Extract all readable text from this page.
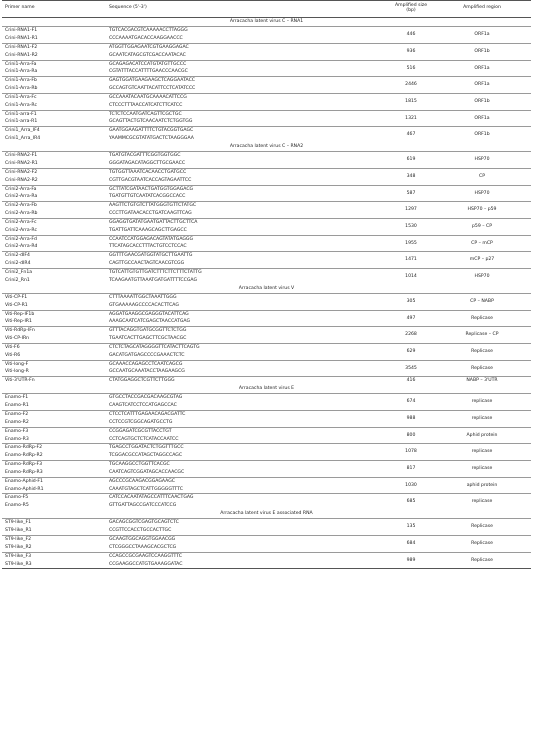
Primer name	Sequence (5'-3')	Amplified size
(bp)
Amplified region
Arracacha latent virus C – RNA1
Crini-RNA1-F1	TGTCACGACGTCAAAAACCTTAGGG
Crini-RNA1-R1	CCCAAAATGACACCAAGGAACCC
446	ORF1a
Crini-RNA1-F2	ATGGTTGGAGAATCGTGAAGGAGAC
Crini-RNA1-R2	GCAATCATAGCGTCGACCAATACAC
936	ORF1b
Crini1-Arra-Fa	GCAGAGACATCCATGTATGTTGCCC
Crini1-Arra-Ra	CGTATTTACCATTTTGAACCCAACGC
516	ORF1a
Crini1-Arra-Fb	GAGTGGATGAAGAAGCTCAGGAATACC
Crini1-Arra-Rb	GCCAGTGTCAATTACATTCCTCATATCCC
2446	ORF1a
Crini1-Arra-Fc	GCCAAATACAATGCAAAACATTCCG
Crini1-Arra-Rc	CTCCCTTTAACCATCATCTTCATCC
1815	ORF1b
Crini1-arra-F1	TCTCTCCAATGATCAGTTCGCTGC
Crini1-arra-R1	GCAGTTACTGTCAACAATCTCTGGTGG
1321	ORF1a
Crini1_Arra_IF4	GAATGGAAGATTTTCTGTACGGTGAGC
Crini1_Arra_IR4	YAAMMCGCGTATATGACTCTAAGGGAA
467	ORF1b
Arracacha latent virus C – RNA2
Crini-RNA2-F1	TGATGTACGATTTCGGTGGTGGC
Crini-RNA2-R1	GGGATAGACATAGGCTTGCGAACC
619	HSP70
Crini-RNA2-F2	TGTGGTTAAATCACAACCTGATGCC
Crini-RNA2-R2	CGTTGACGTAATCACCAGTAGAATTCC
348	CP
Crini2-Arra-Fa	GCTTATCGATAACTGATGGTGGAGACG
Crini2-Arra-Ra	TGATGTTGTCAATATCACGGCCACC
587	HSP70
Crini2-Arra-Fb	AAGTTCTGTGTCTTATGGGTGTTCTATGC
Crini2-Arra-Rb	CCCTTGATAACACCTGATCAAGTTCAG
1297	HSP70 – p59
Crini2-Arra-Fc	GGAGGTGATATGAATGATTACTTGCTTCA
Crini2-Arra-Rc	TGATTGATTCAAAGCAGCTTGAGCC
1530	p59 – CP
Crini2-Arra-Fd	CCAATCCATGGAGACAGTATATGAGGG
Crini2-Arra-Rd	TTCATAGCACCTTTACTGTCCTCCAC
1955	CP – mCP
Crini2-dIF4	GGTTTGAACGATGGTATGCTTGAATTG
Crini2-dIR4	CAGTTGCCAACTAGTCAACGTCGG
1471	mCP – p27
Crini2_Fn1a	TGTCATTGTGTTGATCTTTCTTCTTTCTATTG
Crini2_Rn1	TCAAGAATGTTAAATGATGATTTTCCGAG
1014	HSP70
Arracacha latent virus V
Viti-CP-F1	CTTTAAAATTGGCTAAATTGGG
Viti-CP-R1	GTGAAAAAGCCCCACACTTCAG
305	CP – NABP
Viti-Rep-IF1b	AGGATGAAGGCGAGGGTACATTCAG
Viti-Rep-IR1	AAAGCAATCATCGAGCTAACCATGAG
497	Replicase
Viti-RdRp-IFn	GTTTACAGGTGATGCGGTTCTCTGG
Viti-CP-IRn	TGAATCACTTGAGCTTCGCTAACGC
2268	Replicase – CP
Viti-F6	CTCTCTAGCATAGGGGTTCATACTTCAGTG
Viti-R6	GACATGATGAGCCCCGAAACTCTC
629	Replicase
Viti-long-F	GCAAACCAGAGCCTCAATCAGCG
Viti-long-R	GCCAATGCAAATACCTAAGAAGCG
3545	Replicase
Viti-3'UTR-Fn	CTATGGAGGCTCGTTCTTGGG	416	NABP – 3'UTR
Arracacha latent virus E
Enamo-F1	GTGCCTACCGACGACAAGCGTAG
Enamo-R1	CAAGTCATCCTCCATGAGCCAC
674	replicase
Enamo-F2	CTCCTCATTTGAGAACAGACGATTC
Enamo-R2	CCTCCGTCGGCAGATGCCTG
988	replicase
Enamo-F3	CCGGAGATCGCGTTACCTGT
Enamo-R3	CCTCAGTGCTCTCATACCAATCC
800	Aphid protein
Enamo-RdRp-F2	TGAGCCTGGATACTCTGGTTTGCC
Enamo-RdRp-R2	TCGGACGCCATAGCTAGGCCAGC
1078	replicase
Enamo-RdRp-F3	TGCAAGGCCTGGTTCACGC
Enamo-RdRp-R3	CAATCAGTCGGATAGCACCAACGC
817	replicase
Enamo-Aphid-F1	AGCCCGCAAGACGGAGAAGC
Enamo-Aphid-R1	CAAATGTAGCTCATTGGGGGTTTC
1030	aphid protein
Enamo-F5	CATCCACAATATAGCCATTTCAACTGAG
Enamo-R5	GTTGATTAGCCGATCCCATCCG
685	replicase
Arracacha latent virus E associated RNA
ST9-like_F1	GACAGCGGTCGAGTGCAGTCTC
ST9-like_R1	CCGTTCCACCTGCCACTTGC
135	Replicase
ST9-like_F2	GCAAGTGGCAGGTGGAACGG
ST9-like_R2	CTCGGGCCTAAAGCACGCTCG
684	Replicase
ST9-like_F3	CCAGCCGCGAAGTCCAAGGTTTC
ST9-like_R3	CCGAAGGCCATGTGAAAGGATAC
989	Replicase
